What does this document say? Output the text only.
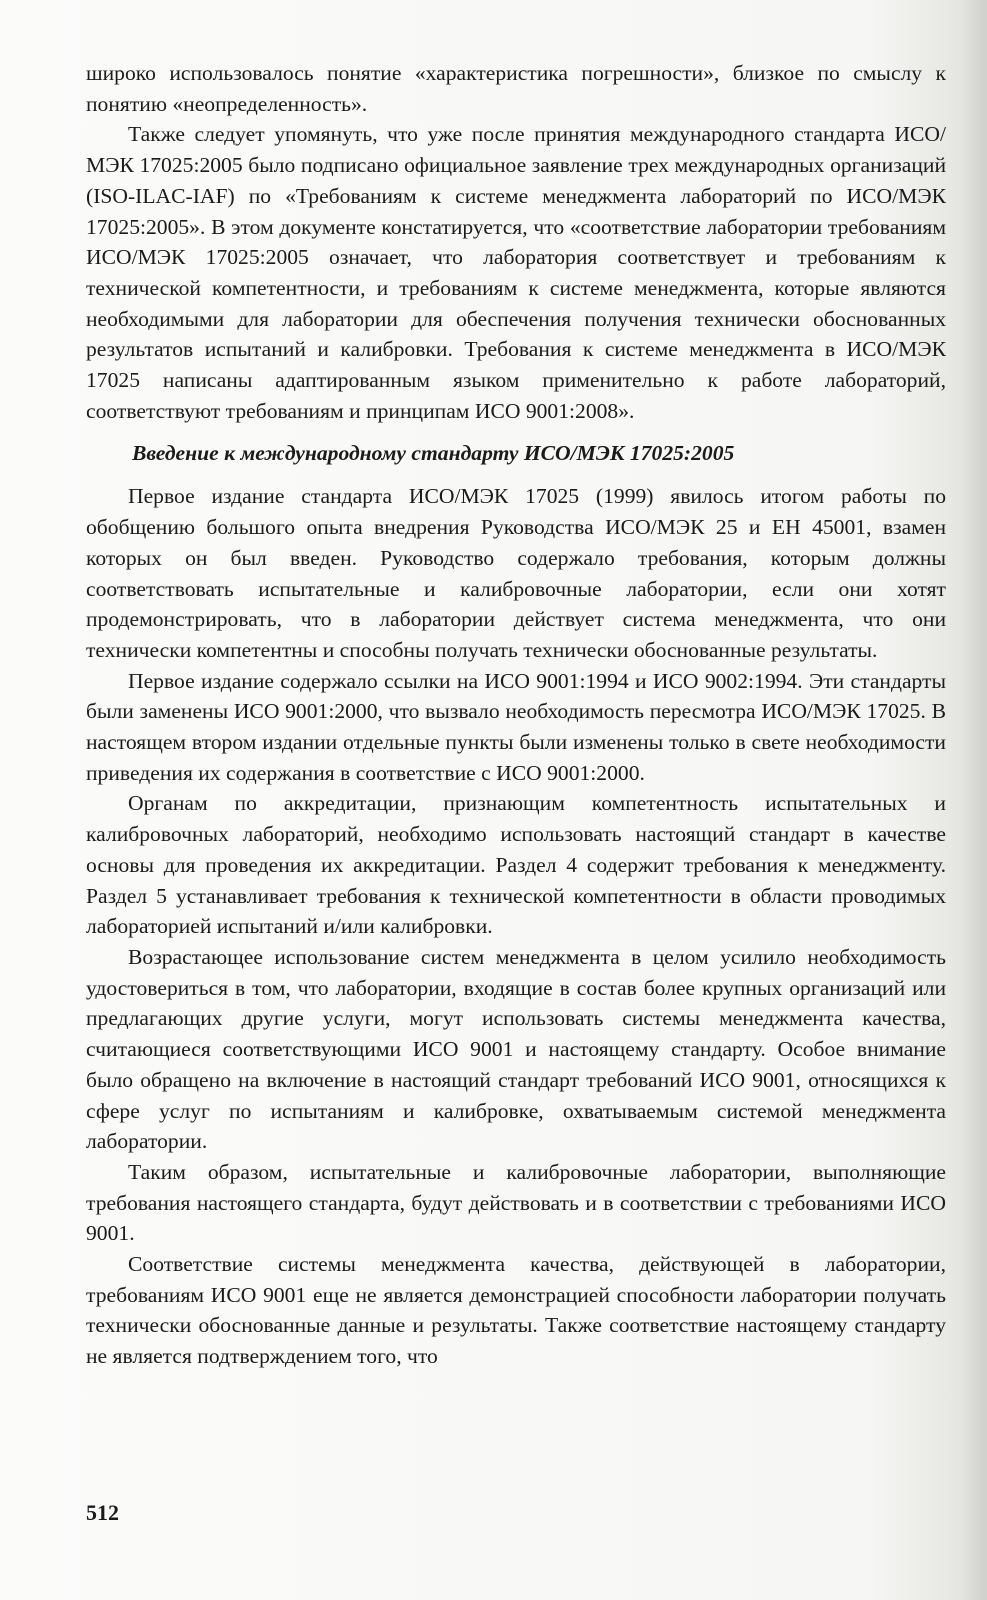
широко использовалось понятие «характеристика погрешности», близкое по смыслу к понятию «неопределенность».

Также следует упомянуть, что уже после принятия международного стандарта ИСО/МЭК 17025:2005 было подписано официальное заявление трех международных организаций (ISO-ILAC-IAF) по «Требованиям к системе менеджмента лабораторий по ИСО/МЭК 17025:2005». В этом документе констатируется, что «соответствие лаборатории требованиям ИСО/МЭК 17025:2005 означает, что лаборатория соответствует и требованиям к технической компетентности, и требованиям к системе менеджмента, которые являются необходимыми для лаборатории для обеспечения получения технически обоснованных результатов испытаний и калибровки. Требования к системе менеджмента в ИСО/МЭК 17025 написаны адаптированным языком применительно к работе лабораторий, соответствуют требованиям и принципам ИСО 9001:2008».

Введение к международному стандарту ИСО/МЭК 17025:2005

Первое издание стандарта ИСО/МЭК 17025 (1999) явилось итогом работы по обобщению большого опыта внедрения Руководства ИСО/МЭК 25 и ЕН 45001, взамен которых он был введен. Руководство содержало требования, которым должны соответствовать испытательные и калибровочные лаборатории, если они хотят продемонстрировать, что в лаборатории действует система менеджмента, что они технически компетентны и способны получать технически обоснованные результаты.

Первое издание содержало ссылки на ИСО 9001:1994 и ИСО 9002:1994. Эти стандарты были заменены ИСО 9001:2000, что вызвало необходимость пересмотра ИСО/МЭК 17025. В настоящем втором издании отдельные пункты были изменены только в свете необходимости приведения их содержания в соответствие с ИСО 9001:2000.

Органам по аккредитации, признающим компетентность испытательных и калибровочных лабораторий, необходимо использовать настоящий стандарт в качестве основы для проведения их аккредитации. Раздел 4 содержит требования к менеджменту. Раздел 5 устанавливает требования к технической компетентности в области проводимых лабораторией испытаний и/или калибровки.

Возрастающее использование систем менеджмента в целом усилило необходимость удостовериться в том, что лаборатории, входящие в состав более крупных организаций или предлагающих другие услуги, могут использовать системы менеджмента качества, считающиеся соответствующими ИСО 9001 и настоящему стандарту. Особое внимание было обращено на включение в настоящий стандарт требований ИСО 9001, относящихся к сфере услуг по испытаниям и калибровке, охватываемым системой менеджмента лаборатории.

Таким образом, испытательные и калибровочные лаборатории, выполняющие требования настоящего стандарта, будут действовать и в соответствии с требованиями ИСО 9001.

Соответствие системы менеджмента качества, действующей в лаборатории, требованиям ИСО 9001 еще не является демонстрацией способности лаборатории получать технически обоснованные данные и результаты. Также соответствие настоящему стандарту не является подтверждением того, что

512
